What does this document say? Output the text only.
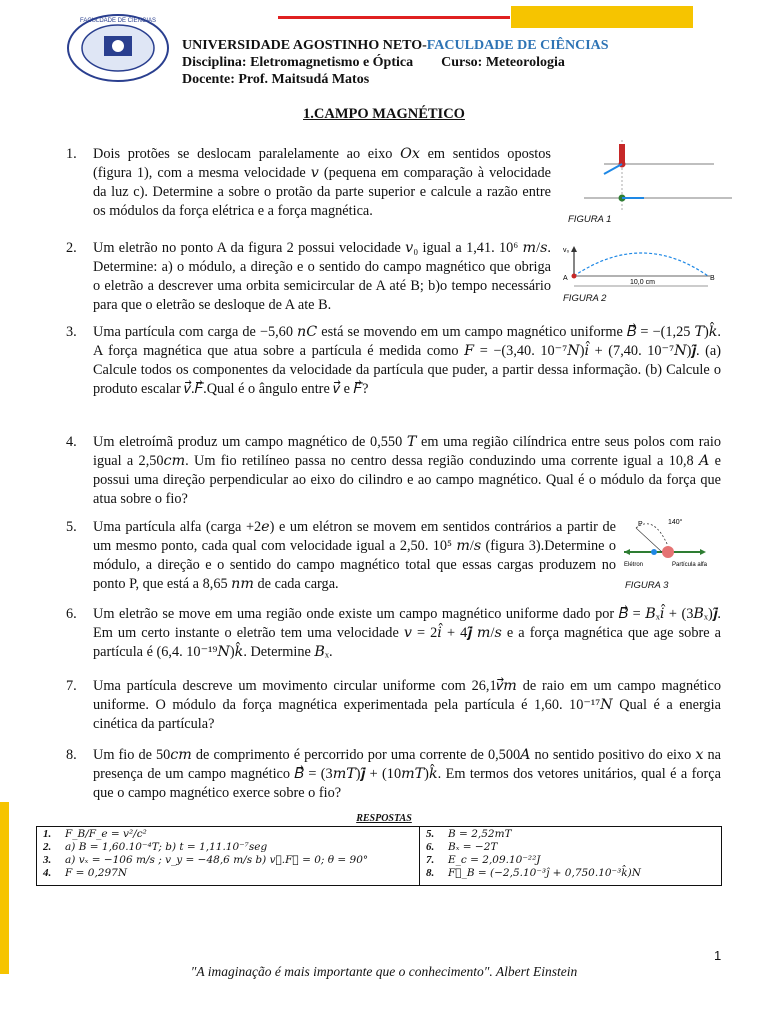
FACULDADE DE CIÊNCIAS
UNIVERSIDADE AGOSTINHO NETO-FACULDADE DE CIÊNCIAS
Disciplina: Eletromagnetismo e Óptica Curso: Meteorologia
Docente: Prof. Maitsudá Matos
1.CAMPO MAGNÉTICO
1. Dois protões se deslocam paralelamente ao eixo 𝑂𝑥 em sentidos opostos (figura 1), com a mesma velocidade 𝑣 (pequena em comparação à velocidade da luz c). Determine a sobre o protão da parte superior e calcule a razão entre os módulos da força elétrica e a força magnética.
FIGURA 1
2. Um eletrão no ponto A da figura 2 possui velocidade 𝑣₀ igual a 1,41. 10⁶ 𝑚/𝑠. Determine: a) o módulo, a direção e o sentido do campo magnético que obriga o eletrão a descrever uma orbita semicircular de A até B; b)o tempo necessário para que o eletrão se desloque de A ate B.
v₀
A	B
10,0 cm
FIGURA 2
3. Uma partícula com carga de −5,60 𝑛𝐶 está se movendo em um campo magnético uniforme 𝐵⃗ = −(1,25 𝑇)𝑘̂. A força magnética que atua sobre a partícula é medida como 𝐹 = −(3,40. 10⁻⁷𝑁)𝑖̂ + (7,40. 10⁻⁷𝑁)𝒋̂. (a) Calcule todos os componentes da velocidade da partícula que puder, a partir dessa informação. (b) Calcule o produto escalar 𝑣⃗.𝐹⃗.Qual é o ângulo entre 𝑣⃗ e 𝐹⃗?
4. Um eletroímã produz um campo magnético de 0,550 𝑇 em uma região cilíndrica entre seus polos com raio igual a 2,50𝑐𝑚. Um fio retilíneo passa no centro dessa região conduzindo uma corrente igual a 10,8 𝐴 e possui uma direção perpendicular ao eixo do cilindro e ao campo magnético. Qual é o módulo da força que atua sobre o fio?
5. Uma partícula alfa (carga +2𝑒) e um elétron se movem em sentidos contrários a partir de um mesmo ponto, cada qual com velocidade igual a 2,50. 10⁵ 𝑚/𝑠 (figura 3).Determine o módulo, a direção e o sentido do campo magnético total que essas cargas produzem no ponto P, que está a 8,65 𝑛𝑚 de cada carga.
P	140°
Elétron	Partícula alfa
FIGURA 3
6. Um eletrão se move em uma região onde existe um campo magnético uniforme dado por 𝐵⃗ = 𝐵ₓ𝑖̂ + (3𝐵ₓ)𝒋̂. Em um certo instante o eletrão tem uma velocidade 𝑣 = 2𝑖̂ + 4𝒋̂ 𝑚/𝑠 e a força magnética que age sobre a partícula é (6,4. 10⁻¹⁹𝑁)𝑘̂. Determine 𝐵ₓ.
7. Uma partícula descreve um movimento circular uniforme com 26,1𝑣⃗𝑚 de raio em um campo magnético uniforme. O módulo da força magnética experimentada pela partícula é 1,60. 10⁻¹⁷𝑁 Qual é a energia cinética da partícula?
8. Um fio de 50𝑐𝑚 de comprimento é percorrido por uma corrente de 0,500𝐴 no sentido positivo do eixo 𝑥 na presença de um campo magnético 𝐵⃗ = (3𝑚𝑇)𝒋̂ + (10𝑚𝑇)𝑘̂. Em termos dos vetores unitários, qual é a força que o campo magnético exerce sobre o fio?
RESPOSTAS
1.	F_B/F_e = v²/c²
2.	a) B = 1,60.10⁻⁴T; b) t = 1,11.10⁻⁷seg
3.	a) vₓ = −106 m/s ; v_y = −48,6 m/s b) v⃗.F⃗ = 0; θ = 90°
4.	F = 0,297N

5.	B = 2,52mT
6.	Bₓ = −2T
7.	E_c = 2,09.10⁻²²J
8.	F⃗_B = (−2,5.10⁻³ĵ + 0,750.10⁻³k̂)N
1
″A imaginação é mais importante que o conhecimento″. Albert Einstein
